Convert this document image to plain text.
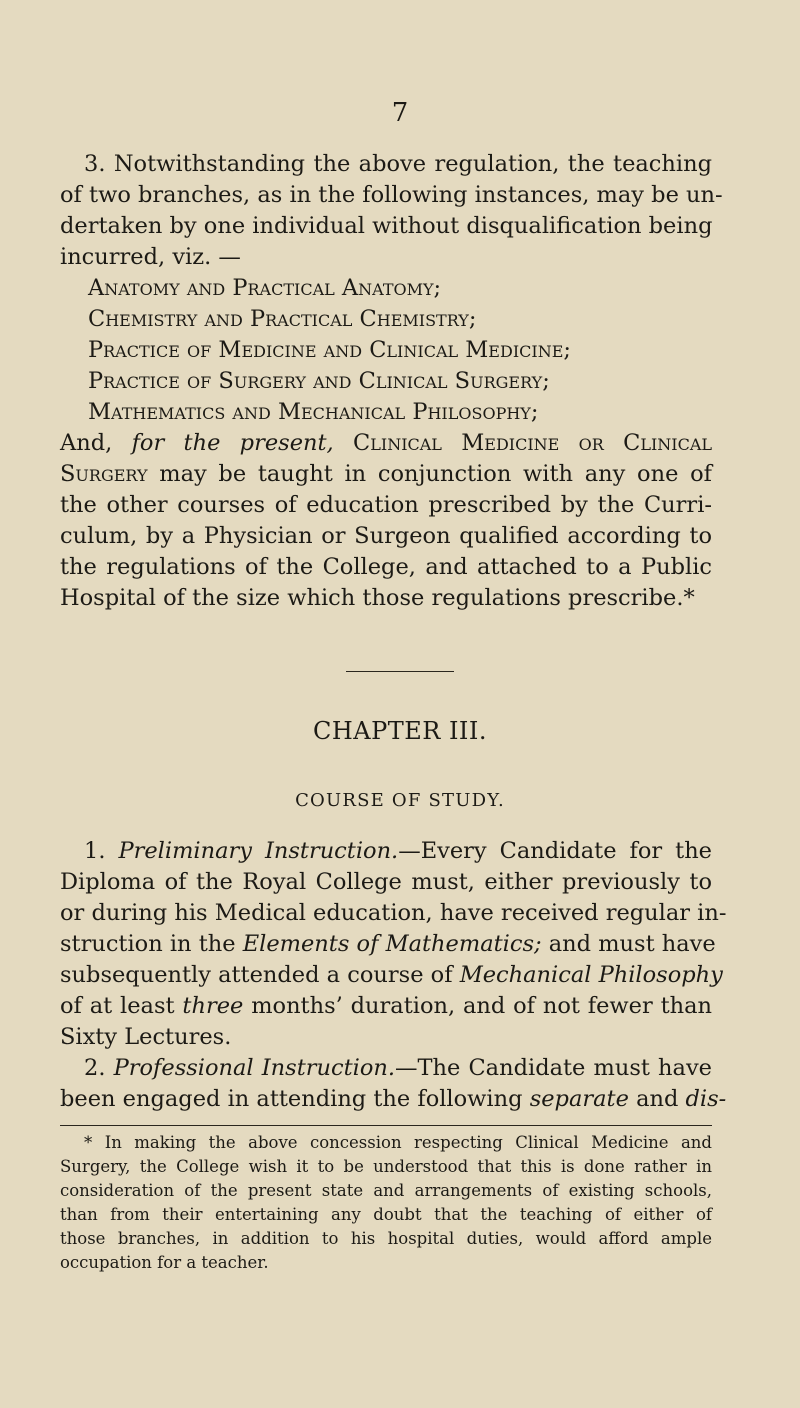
7
3. Notwithstanding the above regulation, the teaching
of two branches, as in the following instances, may be un-
dertaken by one individual without disqualification being
incurred, viz. —
Anatomy and Practical Anatomy;
Chemistry and Practical Chemistry;
Practice of Medicine and Clinical Medicine;
Practice of Surgery and Clinical Surgery;
Mathematics and Mechanical Philosophy;
And, for the present, Clinical Medicine or Clinical
Surgery may be taught in conjunction with any one of
the other courses of education prescribed by the Curri-
culum, by a Physician or Surgeon qualified according to
the regulations of the College, and attached to a Public
Hospital of the size which those regulations prescribe.*
CHAPTER III.
COURSE OF STUDY.
1. Preliminary Instruction.—Every Candidate for the
Diploma of the Royal College must, either previously to
or during his Medical education, have received regular in-
struction in the Elements of Mathematics; and must have
subsequently attended a course of Mechanical Philosophy
of at least three months’ duration, and of not fewer than
Sixty Lectures.
2. Professional Instruction.—The Candidate must have
been engaged in attending the following separate and dis-
* In making the above concession respecting Clinical Medicine and
Surgery, the College wish it to be understood that this is done rather in
consideration of the present state and arrangements of existing schools,
than from their entertaining any doubt that the teaching of either of
those branches, in addition to his hospital duties, would afford ample
occupation for a teacher.
